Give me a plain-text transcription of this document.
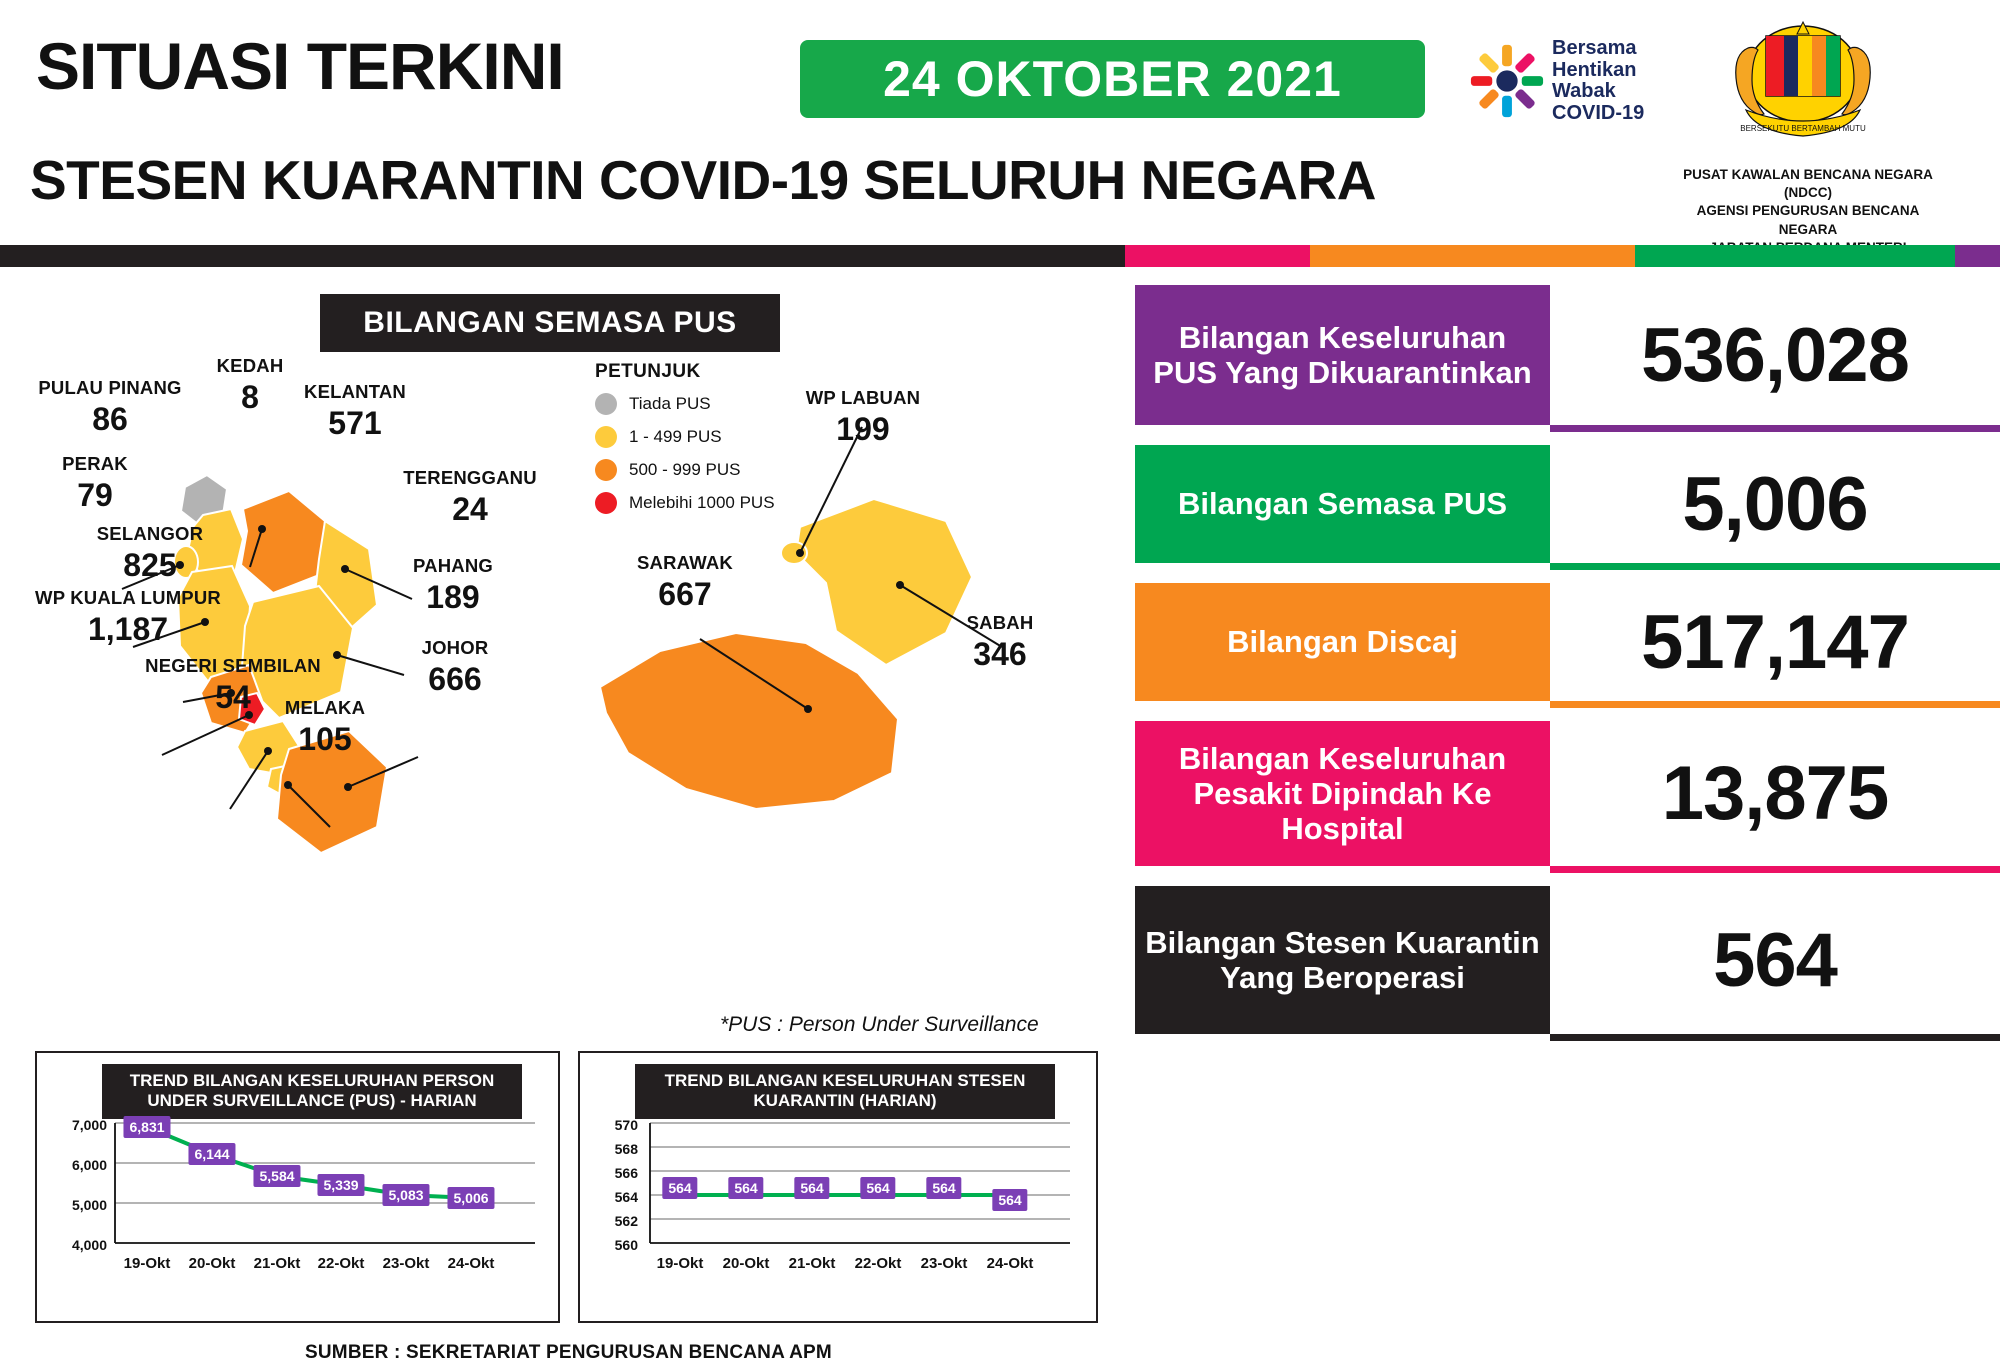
SITUASI TERKINI	24 OKTOBER 2021
STESEN KUARANTIN COVID-19 SELURUH NEGARA
Bersama
Hentikan
Wabak
COVID-19
BERSEKUTU BERTAMBAH MUTU
PUSAT KAWALAN BENCANA NEGARA (NDCC)
AGENSI PENGURUSAN BENCANA NEGARA
BILANGAN SEMASA PUS
KEDAH
8
PULAU PINANG
86
PERAK
79
SELANGOR
825
WP KUALA LUMPUR
1,187
NEGERI SEMBILAN
54	MELAKA
105
JOHOR
666
PAHANG
189
TERENGGANU
24
KELANTAN
571
WP LABUAN
199
SARAWAK
667
SABAH
346
PETUNJUK
Tiada PUS
1 - 499 PUS
500 - 999 PUS
Melebihi 1000 PUS
*PUS : Person Under Surveillance
TREND BILANGAN KESELURUHAN PERSON UNDER SURVEILLANCE (PUS) - HARIAN
7,000
6,000
5,000
4,000
6,831
6,144
5,584
5,339
5,083	5,006
19-Okt	20-Okt	21-Okt	22-Okt	23-Okt	24-Okt
TREND BILANGAN KESELURUHAN STESEN KUARANTIN (HARIAN)
570
568
566
564
562
560
564	564	564	564	564
564
19-Okt	20-Okt	21-Okt	22-Okt	23-Okt	24-Okt
SUMBER : SEKRETARIAT PENGURUSAN BENCANA APM
Bilangan Keseluruhan PUS Yang Dikuarantinkan	536,028
Bilangan Semasa PUS	5,006
Bilangan Discaj	517,147
Bilangan Keseluruhan Pesakit Dipindah Ke Hospital	13,875
Bilangan Stesen Kuarantin Yang Beroperasi	564
